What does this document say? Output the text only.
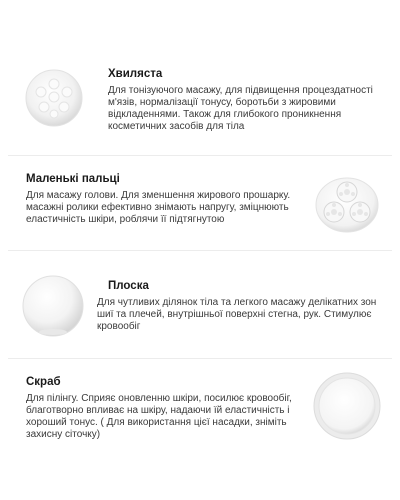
Хвиляста
Для тонізуючого масажу, для підвищення процездатності м'язів, нормалізації тонусу, боротьби з жировими відкладеннями. Також для глибокого проникнення косметичних засобів для тіла
Маленькі пальці
Для масажу голови. Для зменшення жирового прошарку. масажні ролики ефективно знімають напругу, зміцнюють еластичність шкіри, роблячи її підтягнутою
Плоска
Для чутливих ділянок тіла та легкого масажу делікатних зон шиї та плечей, внутрішньої поверхні стегна, рук. Стимулює кровообіг
Скраб
Для пілінгу. Сприяє оновленню шкіри, посилює кровообіг, благотворно впливає на шкіру, надаючи їй еластичність і хороший тонус. ( Для використання цієї насадки, зніміть захисну сіточку)
